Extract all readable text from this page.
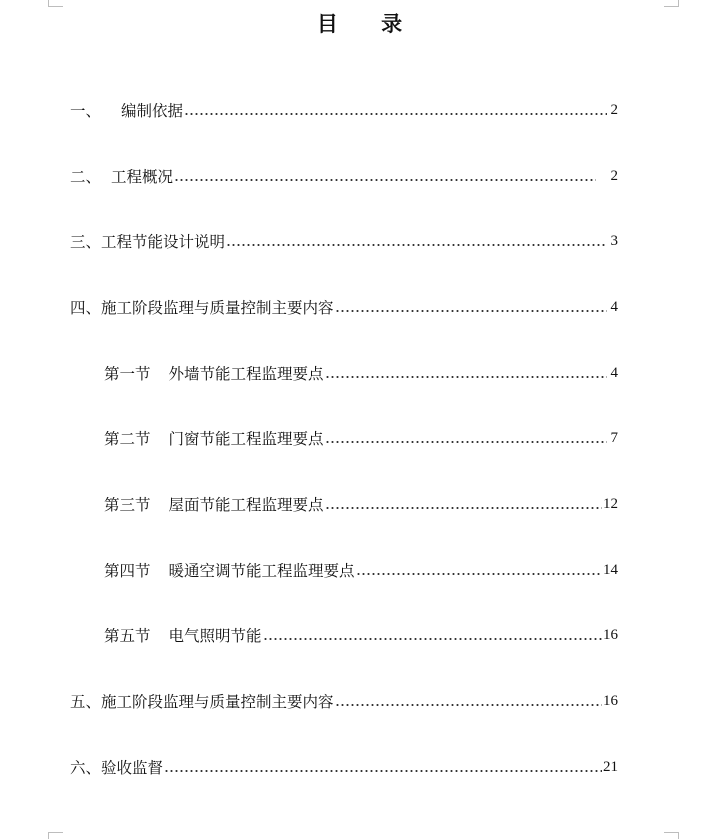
目 录
一、 编制依据	2
二、 工程概况	2
三、工程节能设计说明	3
四、施工阶段监理与质量控制主要内容	4
第一节 外墙节能工程监理要点	4
第二节 门窗节能工程监理要点	7
第三节 屋面节能工程监理要点	12
第四节 暖通空调节能工程监理要点	14
第五节 电气照明节能	16
五、施工阶段监理与质量控制主要内容	16
六、验收监督	21
